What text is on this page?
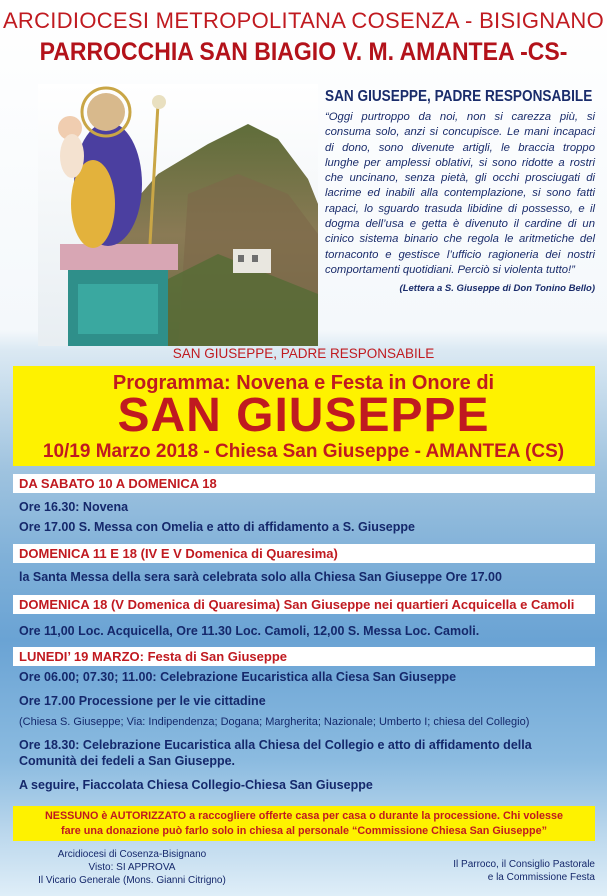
ARCIDIOCESI METROPOLITANA COSENZA - BISIGNANO
PARROCCHIA SAN BIAGIO V. M. AMANTEA -CS-
SAN GIUSEPPE, PADRE RESPONSABILE
“Oggi purtroppo da noi, non si carezza più, si consuma solo, anzi si concupisce. Le mani incapaci di dono, sono divenute artigli, le braccia troppo lunghe per amplessi oblativi, si sono ridotte a rostri che uncinano, senza pietà, gli occhi prosciugati di lacrime ed inabili alla contemplazione, si sono fatti rapaci, lo sguardo trasuda libidine di possesso, e il dogma dell’usa e getta è divenuto il cardine di un cinico sistema binario che regola le aritmetiche del tornaconto e gestisce l’ufficio ragioneria dei nostri comportamenti quotidiani. Perciò si violenta tutto!”
(Lettera a S. Giuseppe di Don Tonino Bello)
SAN GIUSEPPE, PADRE RESPONSABILE
Programma: Novena e Festa in Onore di
SAN GIUSEPPE
10/19 Marzo 2018 - Chiesa San Giuseppe - AMANTEA (CS)
DA SABATO 10 A DOMENICA 18
Ore 16.30: Novena
Ore 17.00 S. Messa con Omelia e atto di affidamento a S. Giuseppe
DOMENICA 11 E 18 (IV E V Domenica di Quaresima)
la Santa Messa della sera sarà celebrata solo alla Chiesa San Giuseppe Ore 17.00
DOMENICA 18 (V Domenica di Quaresima) San Giuseppe nei quartieri Acquicella e Camoli
Ore 11,00 Loc. Acquicella, Ore 11.30 Loc. Camoli, 12,00 S. Messa Loc. Camoli.
LUNEDI’ 19 MARZO: Festa di San Giuseppe
Ore 06.00; 07.30; 11.00: Celebrazione Eucaristica alla Ciesa San Giuseppe
Ore 17.00 Processione per le vie cittadine
(Chiesa S. Giuseppe; Via: Indipendenza; Dogana; Margherita; Nazionale; Umberto I; chiesa del Collegio)
Ore 18.30: Celebrazione Eucaristica alla Chiesa del Collegio e atto di affidamento della
Comunità dei fedeli a San Giuseppe.
A seguire, Fiaccolata Chiesa Collegio-Chiesa San Giuseppe
NESSUNO è AUTORIZZATO a raccogliere offerte casa per casa o durante la processione. Chi volesse
fare una donazione può farlo solo in chiesa al personale “Commissione Chiesa San Giuseppe”
Arcidiocesi di Cosenza-Bisignano
Visto: SI APPROVA
Il Vicario Generale (Mons. Gianni Citrigno)
Il Parroco, il Consiglio Pastorale
e la Commissione Festa
